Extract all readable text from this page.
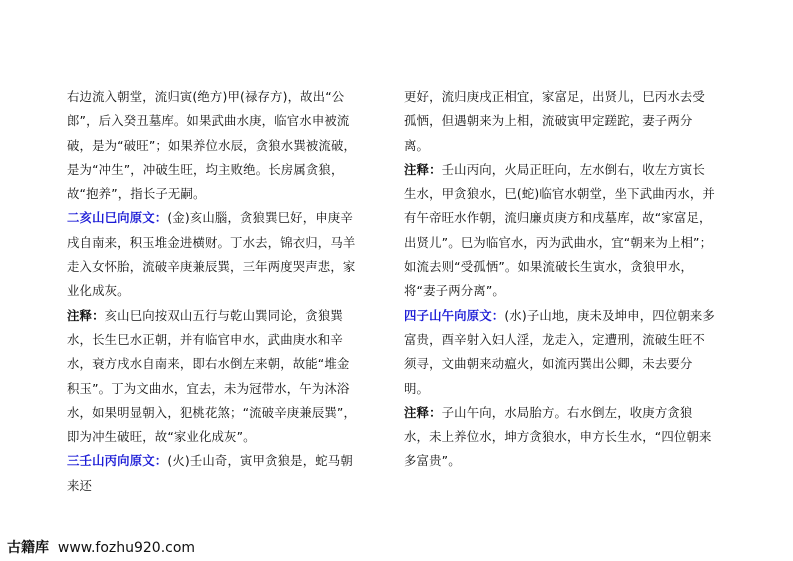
右边流入朝堂，流归寅(绝方)甲(禄存方)，故出“公郎”，后入癸丑墓库。如果武曲水庚，临官水申被流破，是为“破旺”；如果养位水辰，贪狼水巽被流破，是为“冲生”，冲破生旺，均主败绝。长房属贪狼，故“抱养”，指长子无嗣。

二亥山巳向原文：(金)亥山腦，贪狼巽巳好，申庚辛戌自南来，积玉堆金进横财。丁水去，锦衣归，马羊走入女怀胎，流破辛庚兼辰巽，三年两度哭声悲，家业化成灰。

注释：亥山巳向按双山五行与乾山巽同论，贪狼巽水，长生巳水正朝，并有临官申水，武曲庚水和辛水，衰方戌水自南来，即右水倒左来朝，故能“堆金积玉”。丁为文曲水，宜去，未为冠带水，午为沐浴水，如果明显朝入，犯桃花煞；“流破辛庚兼辰巽”，即为冲生破旺，故“家业化成灰”。

三壬山丙向原文：(火)壬山奇，寅甲贪狼是，蛇马朝来还

更好，流归庚戌正相宜，家富足，出贤儿，巳丙水去受孤恓，但遇朝来为上相，流破寅甲定蹉跎，妻子两分离。

注释：壬山丙向，火局正旺向，左水倒右，收左方寅长生水，甲贪狼水，巳(蛇)临官水朝堂，坐下武曲丙水，并有午帝旺水作朝，流归廉贞庚方和戌墓库，故“家富足，出贤儿”。巳为临官水，丙为武曲水，宜“朝来为上相”；如流去则“受孤恓”。如果流破长生寅水，贪狼甲水，将“妻子两分离”。

四子山午向原文：(水)子山地，庚未及坤申，四位朝来多富贵，酉辛射入妇人淫，龙走入，定遭刑，流破生旺不须寻，文曲朝来动瘟火，如流丙巽出公卿，未去要分明。

注释：子山午向，水局胎方。右水倒左，收庚方贪狼水，未上养位水，坤方贪狼水，申方长生水，“四位朝来多富贵”。

古籍库 www.fozhu920.com
